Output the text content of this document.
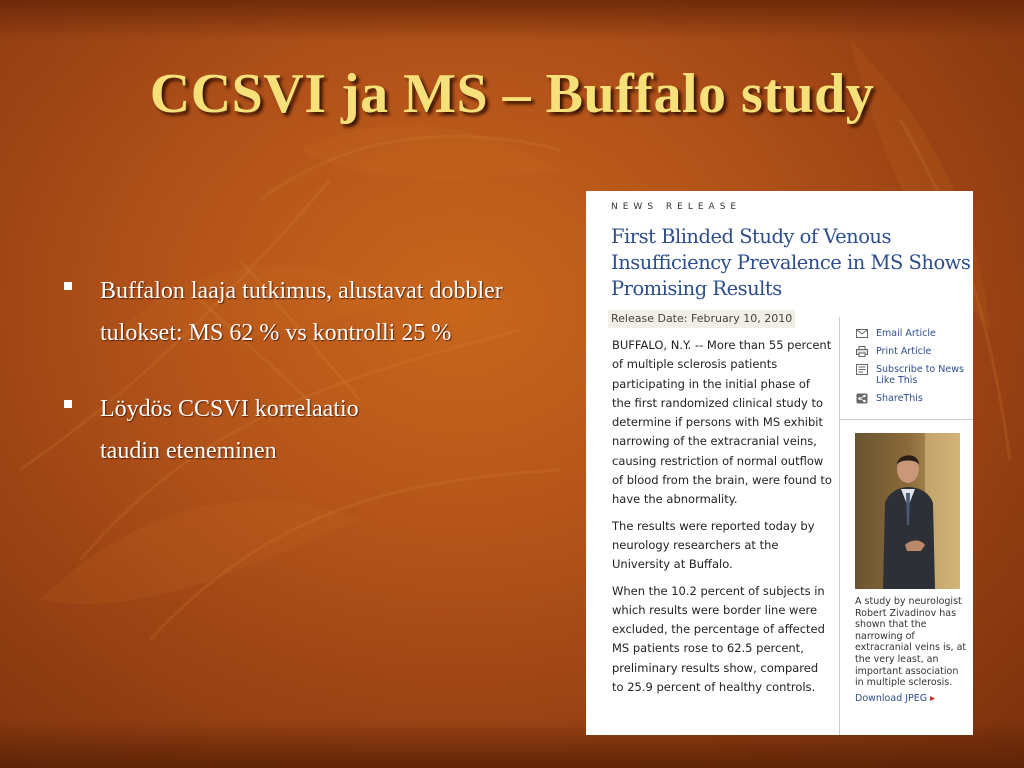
CCSVI ja MS – Buffalo study
Buffalon laaja tutkimus, alustavat dobbler
tulokset: MS 62 % vs kontrolli 25 %
Löydös CCSVI korrelaatio
taudin eteneminen
NEWS RELEASE
First Blinded Study of Venous Insufficiency Prevalence in MS Shows Promising Results
Release Date: February 10, 2010

BUFFALO, N.Y. -- More than 55 percent of multiple sclerosis patients participating in the initial phase of the first randomized clinical study to determine if persons with MS exhibit narrowing of the extracranial veins, causing restriction of normal outflow of blood from the brain, were found to have the abnormality.

The results were reported today by neurology researchers at the University at Buffalo.

When the 10.2 percent of subjects in which results were border line were excluded, the percentage of affected MS patients rose to 62.5 percent, preliminary results show, compared to 25.9 percent of healthy controls.

Email Article
Print Article
Subscribe to News Like This
ShareThis
A study by neurologist Robert Zivadinov has shown that the narrowing of extracranial veins is, at the very least, an important association in multiple sclerosis.
Download JPEG ▸
